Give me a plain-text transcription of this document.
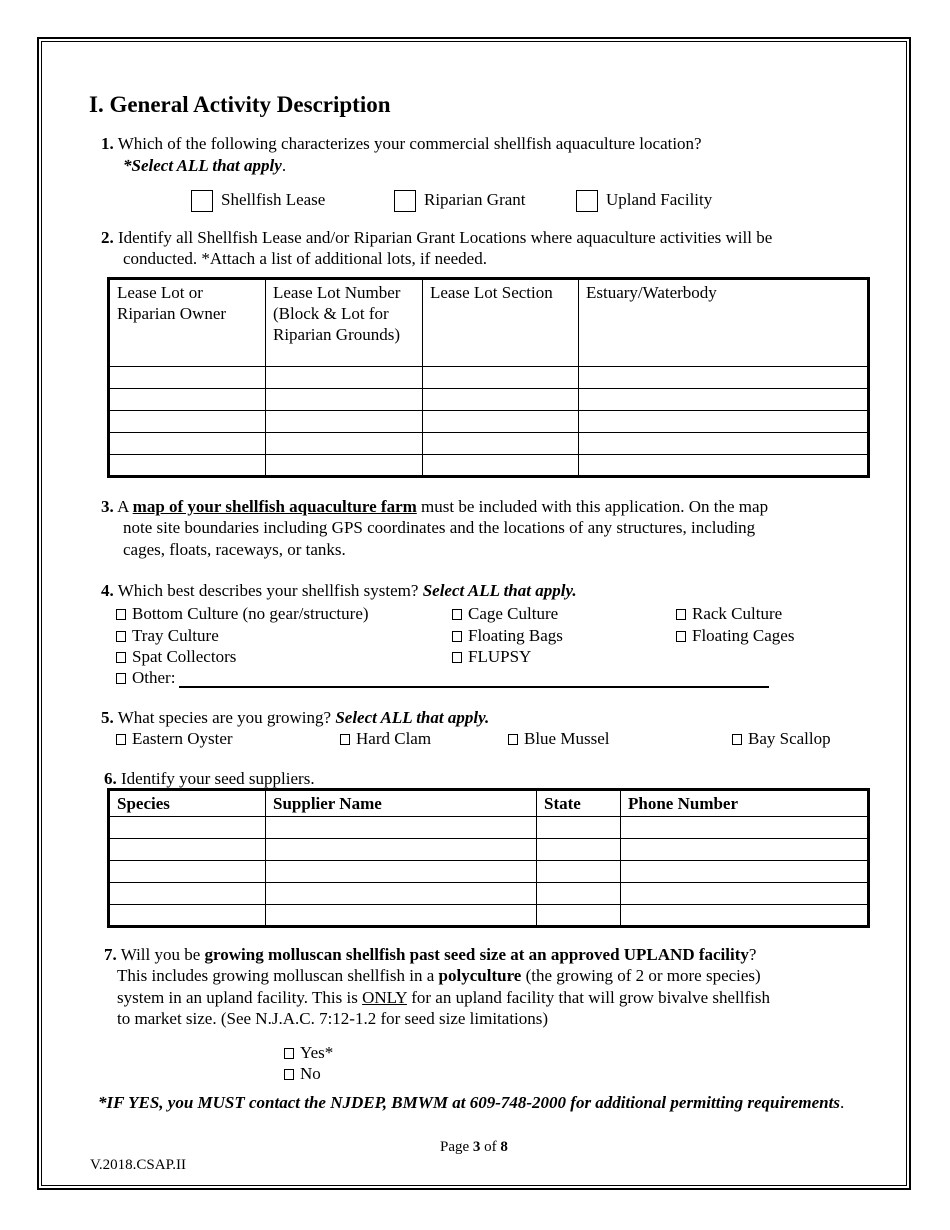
I. General Activity Description
1. Which of the following characterizes your commercial shellfish aquaculture location?
*Select ALL that apply.
Shellfish Lease	Riparian Grant	Upland Facility
2. Identify all Shellfish Lease and/or Riparian Grant Locations where aquaculture activities will be
conducted. *Attach a list of additional lots, if needed.
Lease Lot or Riparian Owner	Lease Lot Number (Block & Lot for Riparian Grounds)	Lease Lot Section	Estuary/Waterbody

3. A map of your shellfish aquaculture farm must be included with this application. On the map
note site boundaries including GPS coordinates and the locations of any structures, including
cages, floats, raceways, or tanks.
4. Which best describes your shellfish system? Select ALL that apply.
Bottom Culture (no gear/structure)	Cage Culture	Rack Culture
Tray Culture	Floating Bags	Floating Cages
Spat Collectors	FLUPSY
Other:
5. What species are you growing? Select ALL that apply.
Eastern Oyster	Hard Clam	Blue Mussel	Bay Scallop
6. Identify your seed suppliers.
Species	Supplier Name	State	Phone Number

7. Will you be growing molluscan shellfish past seed size at an approved UPLAND facility?
This includes growing molluscan shellfish in a polyculture (the growing of 2 or more species)
system in an upland facility. This is ONLY for an upland facility that will grow bivalve shellfish
to market size. (See N.J.A.C. 7:12-1.2 for seed size limitations)
Yes*
No
*IF YES, you MUST contact the NJDEP, BMWM at 609-748-2000 for additional permitting requirements.
Page 3 of 8
V.2018.CSAP.II
